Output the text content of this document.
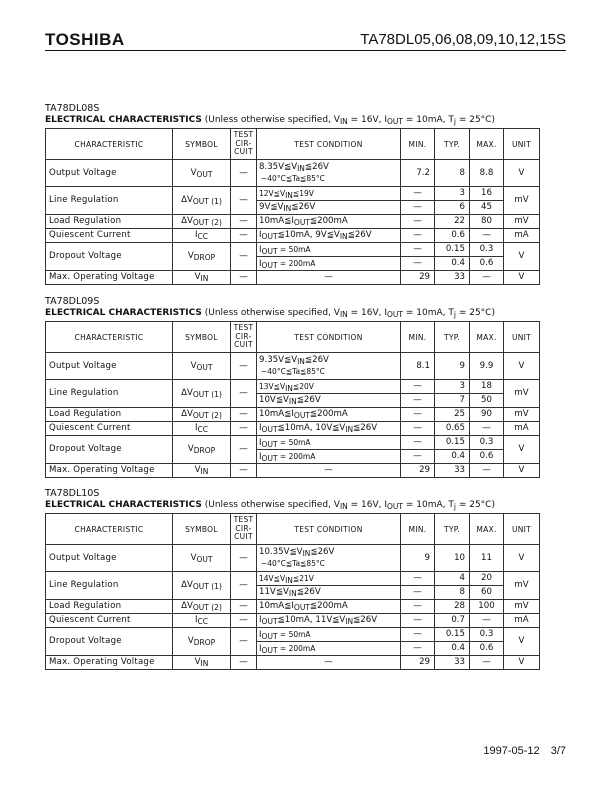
TOSHIBA	TA78DL05,06,08,09,10,12,15S
TA78DL08S
ELECTRICAL CHARACTERISTICS (Unless otherwise specified, $V_{IN} = 16V$, $I_{OUT} = 10mA$, $T_j = 25^\circ C$)
CHARACTERISTIC	SYMBOL	TEST
CIR-
CUIT	TEST CONDITION	MIN.	TYP.	MAX.	UNIT
Output Voltage	$V_{OUT}$	—	$8.35V≦V_{IN}≦26V$
−40°C≦Ta≦85°C	7.2	8	8.8	V
Line Regulation	$\Delta V_{OUT (1)}$	—	$12V≦V_{IN}≦19V$	—	3	16	mV

			$9V≦V_{IN}≦26V$	—	6	45	
Load Regulation	$\Delta V_{OUT (2)}$	—	$10mA≦I_{OUT}≦200mA$	—	22	80	mV
Quiescent Current	$I_{CC}$	—	$I_{OUT}≦10mA$, $9V≦V_{IN}≦26V$	—	0.6	—	mA
Dropout Voltage	$V_{DROP}$	—	$I_{OUT} = 50mA$	—	0.15	0.3	V

			$I_{OUT} = 200mA$	—	0.4	0.6	
Max. Operating Voltage	$V_{IN}$	—	—	29	33	—	V
TA78DL09S
ELECTRICAL CHARACTERISTICS (Unless otherwise specified, $V_{IN} = 16V$, $I_{OUT} = 10mA$, $T_j = 25^\circ C$)
CHARACTERISTIC	SYMBOL	TEST
CIR-
CUIT	TEST CONDITION	MIN.	TYP.	MAX.	UNIT
Output Voltage	$V_{OUT}$	—	$9.35V≦V_{IN}≦26V$
−40°C≦Ta≦85°C	8.1	9	9.9	V
Line Regulation	$\Delta V_{OUT (1)}$	—	$13V≦V_{IN}≦20V$	—	3	18	mV

			$10V≦V_{IN}≦26V$	—	7	50	
Load Regulation	$\Delta V_{OUT (2)}$	—	$10mA≦I_{OUT}≦200mA$	—	25	90	mV
Quiescent Current	$I_{CC}$	—	$I_{OUT}≦10mA$, $10V≦V_{IN}≦26V$	—	0.65	—	mA
Dropout Voltage	$V_{DROP}$	—	$I_{OUT} = 50mA$	—	0.15	0.3	V

			$I_{OUT} = 200mA$	—	0.4	0.6	
Max. Operating Voltage	$V_{IN}$	—	—	29	33	—	V
TA78DL10S
ELECTRICAL CHARACTERISTICS (Unless otherwise specified, $V_{IN} = 16V$, $I_{OUT} = 10mA$, $T_j = 25^\circ C$)
CHARACTERISTIC	SYMBOL	TEST
CIR-
CUIT	TEST CONDITION	MIN.	TYP.	MAX.	UNIT
Output Voltage	$V_{OUT}$	—	$10.35V≦V_{IN}≦26V$
−40°C≦Ta≦85°C	9	10	11	V
Line Regulation	$\Delta V_{OUT (1)}$	—	$14V≦V_{IN}≦21V$	—	4	20	mV

			$11V≦V_{IN}≦26V$	—	8	60	
Load Regulation	$\Delta V_{OUT (2)}$	—	$10mA≦I_{OUT}≦200mA$	—	28	100	mV
Quiescent Current	$I_{CC}$	—	$I_{OUT}≦10mA$, $11V≦V_{IN}≦26V$	—	0.7	—	mA
Dropout Voltage	$V_{DROP}$	—	$I_{OUT} = 50mA$	—	0.15	0.3	V

			$I_{OUT} = 200mA$	—	0.4	0.6	
Max. Operating Voltage	$V_{IN}$	—	—	29	33	—	V
1997-05-12 3/7
